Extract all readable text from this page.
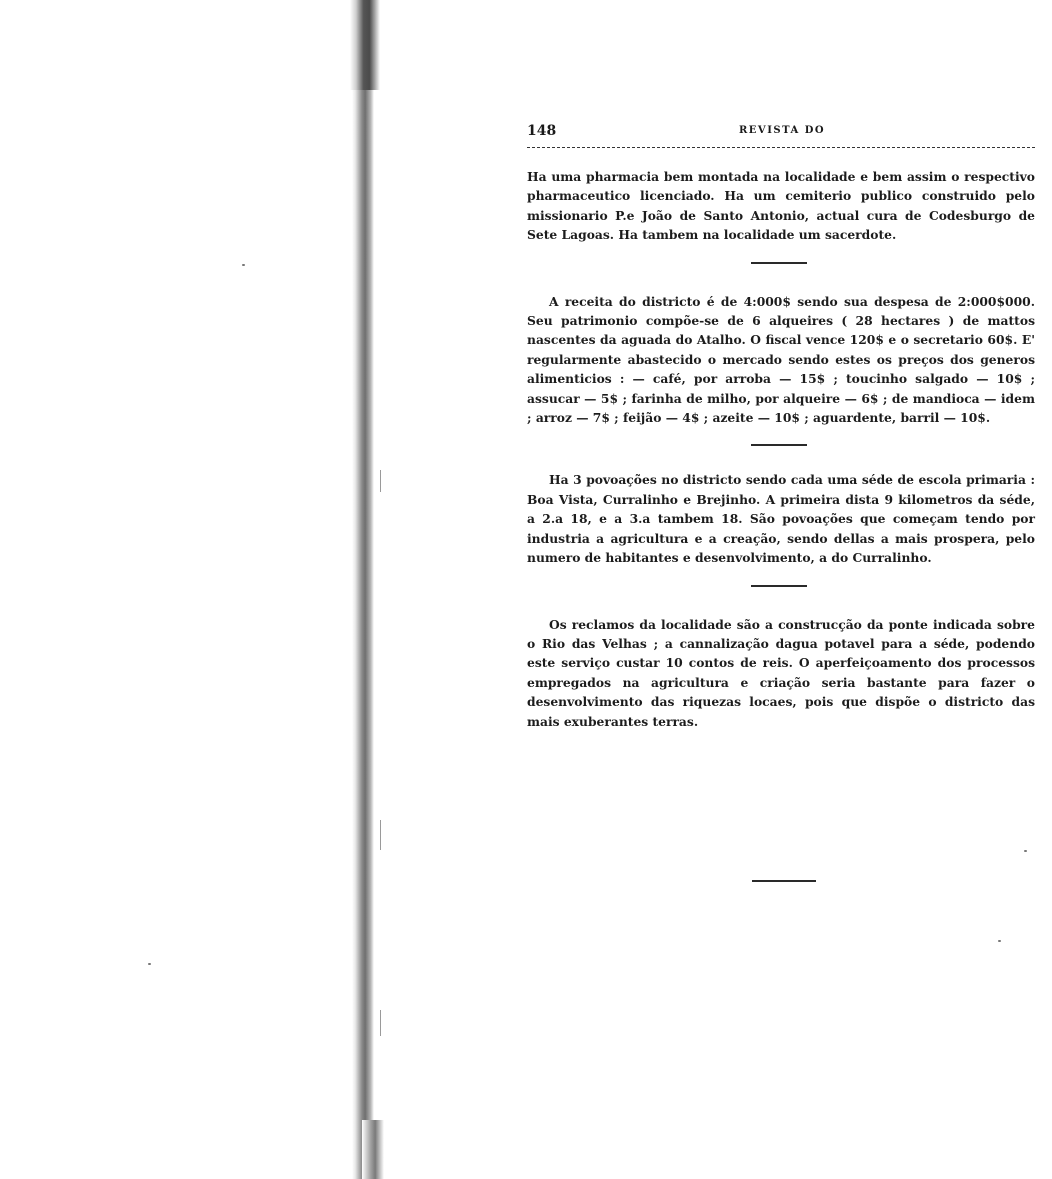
148	REVISTA DO

Ha uma pharmacia bem montada na localidade e bem assim o respectivo pharmaceutico licenciado. Ha um cemiterio publico construido pelo missionario P.e João de Santo Antonio, actual cura de Codesburgo de Sete Lagoas. Ha tambem na localidade um sacerdote.

A receita do districto é de 4:000$ sendo sua despesa de 2:000$000. Seu patrimonio compõe-se de 6 alqueires ( 28 hectares ) de mattos nascentes da aguada do Atalho. O fiscal vence 120$ e o secretario 60$. E' regularmente abastecido o mercado sendo estes os preços dos generos alimenticios : — café, por arroba — 15$ ; toucinho salgado — 10$ ; assucar — 5$ ; farinha de milho, por alqueire — 6$ ; de mandioca — idem ; arroz — 7$ ; feijão — 4$ ; azeite — 10$ ; aguardente, barril — 10$.

Ha 3 povoações no districto sendo cada uma séde de escola primaria : Boa Vista, Curralinho e Brejinho. A primeira dista 9 kilometros da séde, a 2.a 18, e a 3.a tambem 18. São povoações que começam tendo por industria a agricultura e a creação, sendo dellas a mais prospera, pelo numero de habitantes e desenvolvimento, a do Curralinho.

Os reclamos da localidade são a construcção da ponte indicada sobre o Rio das Velhas ; a cannalização dagua potavel para a séde, podendo este serviço custar 10 contos de reis. O aperfeiçoamento dos processos empregados na agricultura e criação seria bastante para fazer o desenvolvimento das riquezas locaes, pois que dispõe o districto das mais exuberantes terras.
